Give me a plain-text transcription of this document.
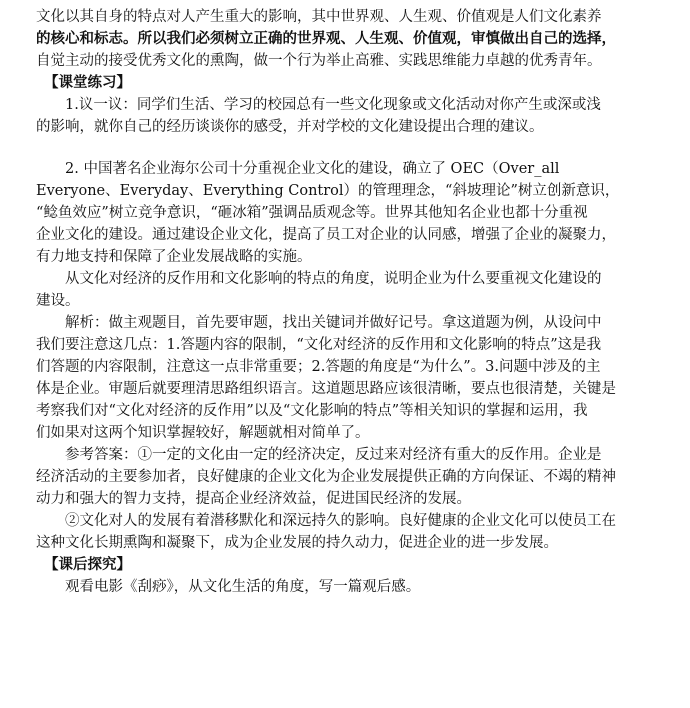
文化以其自身的特点对人产生重大的影响，其中世界观、人生观、价值观是人们文化素养
的核心和标志。所以我们必须树立正确的世界观、人生观、价值观，审慎做出自己的选择，
自觉主动的接受优秀文化的熏陶，做一个行为举止高雅、实践思维能力卓越的优秀青年。
【课堂练习】
1.议一议：同学们生活、学习的校园总有一些文化现象或文化活动对你产生或深或浅
的影响，就你自己的经历谈谈你的感受，并对学校的文化建设提出合理的建议。
2. 中国著名企业海尔公司十分重视企业文化的建设，确立了 OEC（Over_all
Everyone、Everyday、Everything Control）的管理理念，“斜坡理论”树立创新意识，
“鲶鱼效应”树立竞争意识，“砸冰箱”强调品质观念等。世界其他知名企业也都十分重视
企业文化的建设。通过建设企业文化，提高了员工对企业的认同感，增强了企业的凝聚力，
有力地支持和保障了企业发展战略的实施。
从文化对经济的反作用和文化影响的特点的角度，说明企业为什么要重视文化建设的
建设。
解析：做主观题目，首先要审题，找出关键词并做好记号。拿这道题为例，从设问中
我们要注意这几点：1.答题内容的限制，“文化对经济的反作用和文化影响的特点”这是我
们答题的内容限制，注意这一点非常重要；2.答题的角度是“为什么”。3.问题中涉及的主
体是企业。审题后就要理清思路组织语言。这道题思路应该很清晰，要点也很清楚，关键是
考察我们对“文化对经济的反作用”以及“文化影响的特点”等相关知识的掌握和运用，我
们如果对这两个知识掌握较好，解题就相对简单了。
参考答案：①一定的文化由一定的经济决定，反过来对经济有重大的反作用。企业是
经济活动的主要参加者，良好健康的企业文化为企业发展提供正确的方向保证、不竭的精神
动力和强大的智力支持，提高企业经济效益，促进国民经济的发展。
②文化对人的发展有着潜移默化和深远持久的影响。良好健康的企业文化可以使员工在
这种文化长期熏陶和凝聚下，成为企业发展的持久动力，促进企业的进一步发展。
【课后探究】
观看电影《刮痧》，从文化生活的角度，写一篇观后感。
